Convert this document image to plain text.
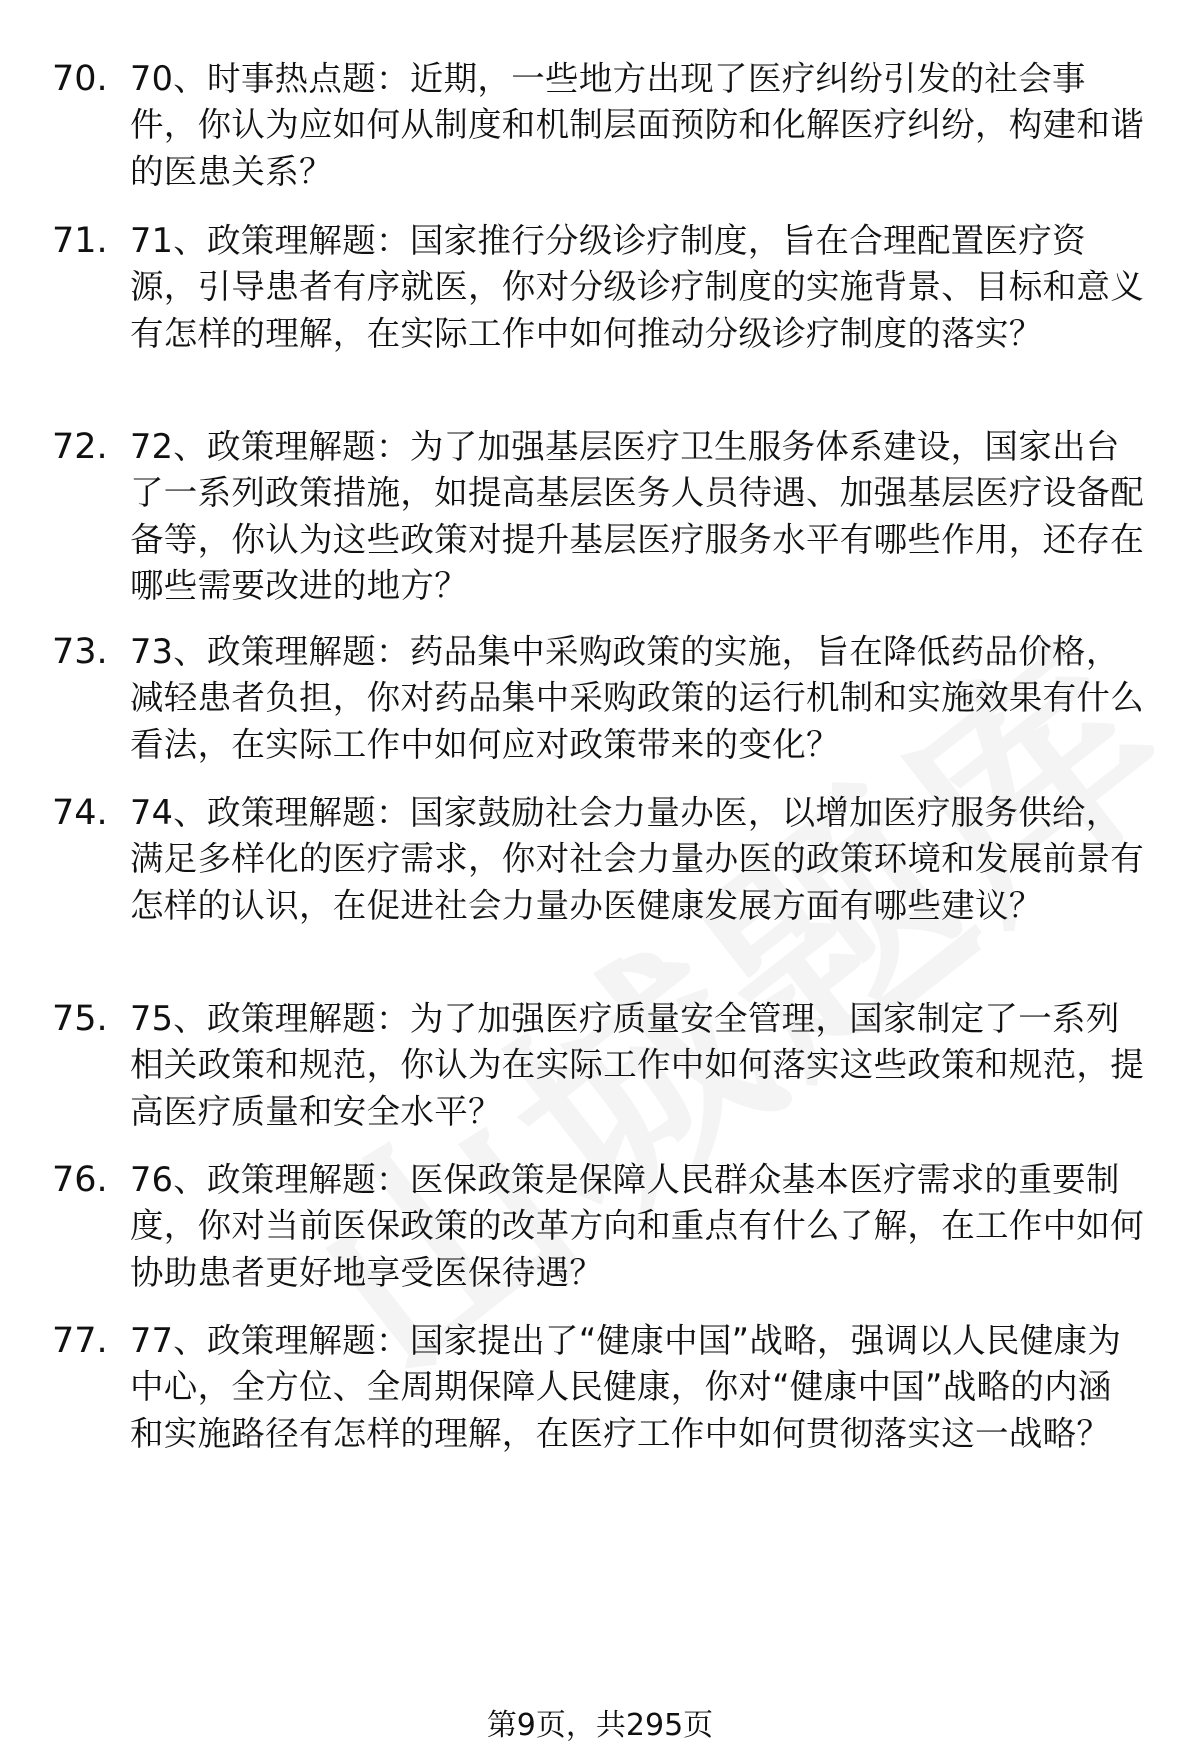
70. 70、时事热点题：近期，一些地方出现了医疗纠纷引发的社会事件，你认为应如何从制度和机制层面预防和化解医疗纠纷，构建和谐的医患关系？
71. 71、政策理解题：国家推行分级诊疗制度，旨在合理配置医疗资源，引导患者有序就医，你对分级诊疗制度的实施背景、目标和意义有怎样的理解，在实际工作中如何推动分级诊疗制度的落实？
72. 72、政策理解题：为了加强基层医疗卫生服务体系建设，国家出台了一系列政策措施，如提高基层医务人员待遇、加强基层医疗设备配备等，你认为这些政策对提升基层医疗服务水平有哪些作用，还存在哪些需要改进的地方？
73. 73、政策理解题：药品集中采购政策的实施，旨在降低药品价格，减轻患者负担，你对药品集中采购政策的运行机制和实施效果有什么看法，在实际工作中如何应对政策带来的变化？
74. 74、政策理解题：国家鼓励社会力量办医，以增加医疗服务供给，满足多样化的医疗需求，你对社会力量办医的政策环境和发展前景有怎样的认识，在促进社会力量办医健康发展方面有哪些建议？
75. 75、政策理解题：为了加强医疗质量安全管理，国家制定了一系列相关政策和规范，你认为在实际工作中如何落实这些政策和规范，提高医疗质量和安全水平？
76. 76、政策理解题：医保政策是保障人民群众基本医疗需求的重要制度，你对当前医保政策的改革方向和重点有什么了解，在工作中如何协助患者更好地享受医保待遇？
77. 77、政策理解题：国家提出了“健康中国”战略，强调以人民健康为中心，全方位、全周期保障人民健康，你对“健康中国”战略的内涵和实施路径有怎样的理解，在医疗工作中如何贯彻落实这一战略？
第9页，共295页
